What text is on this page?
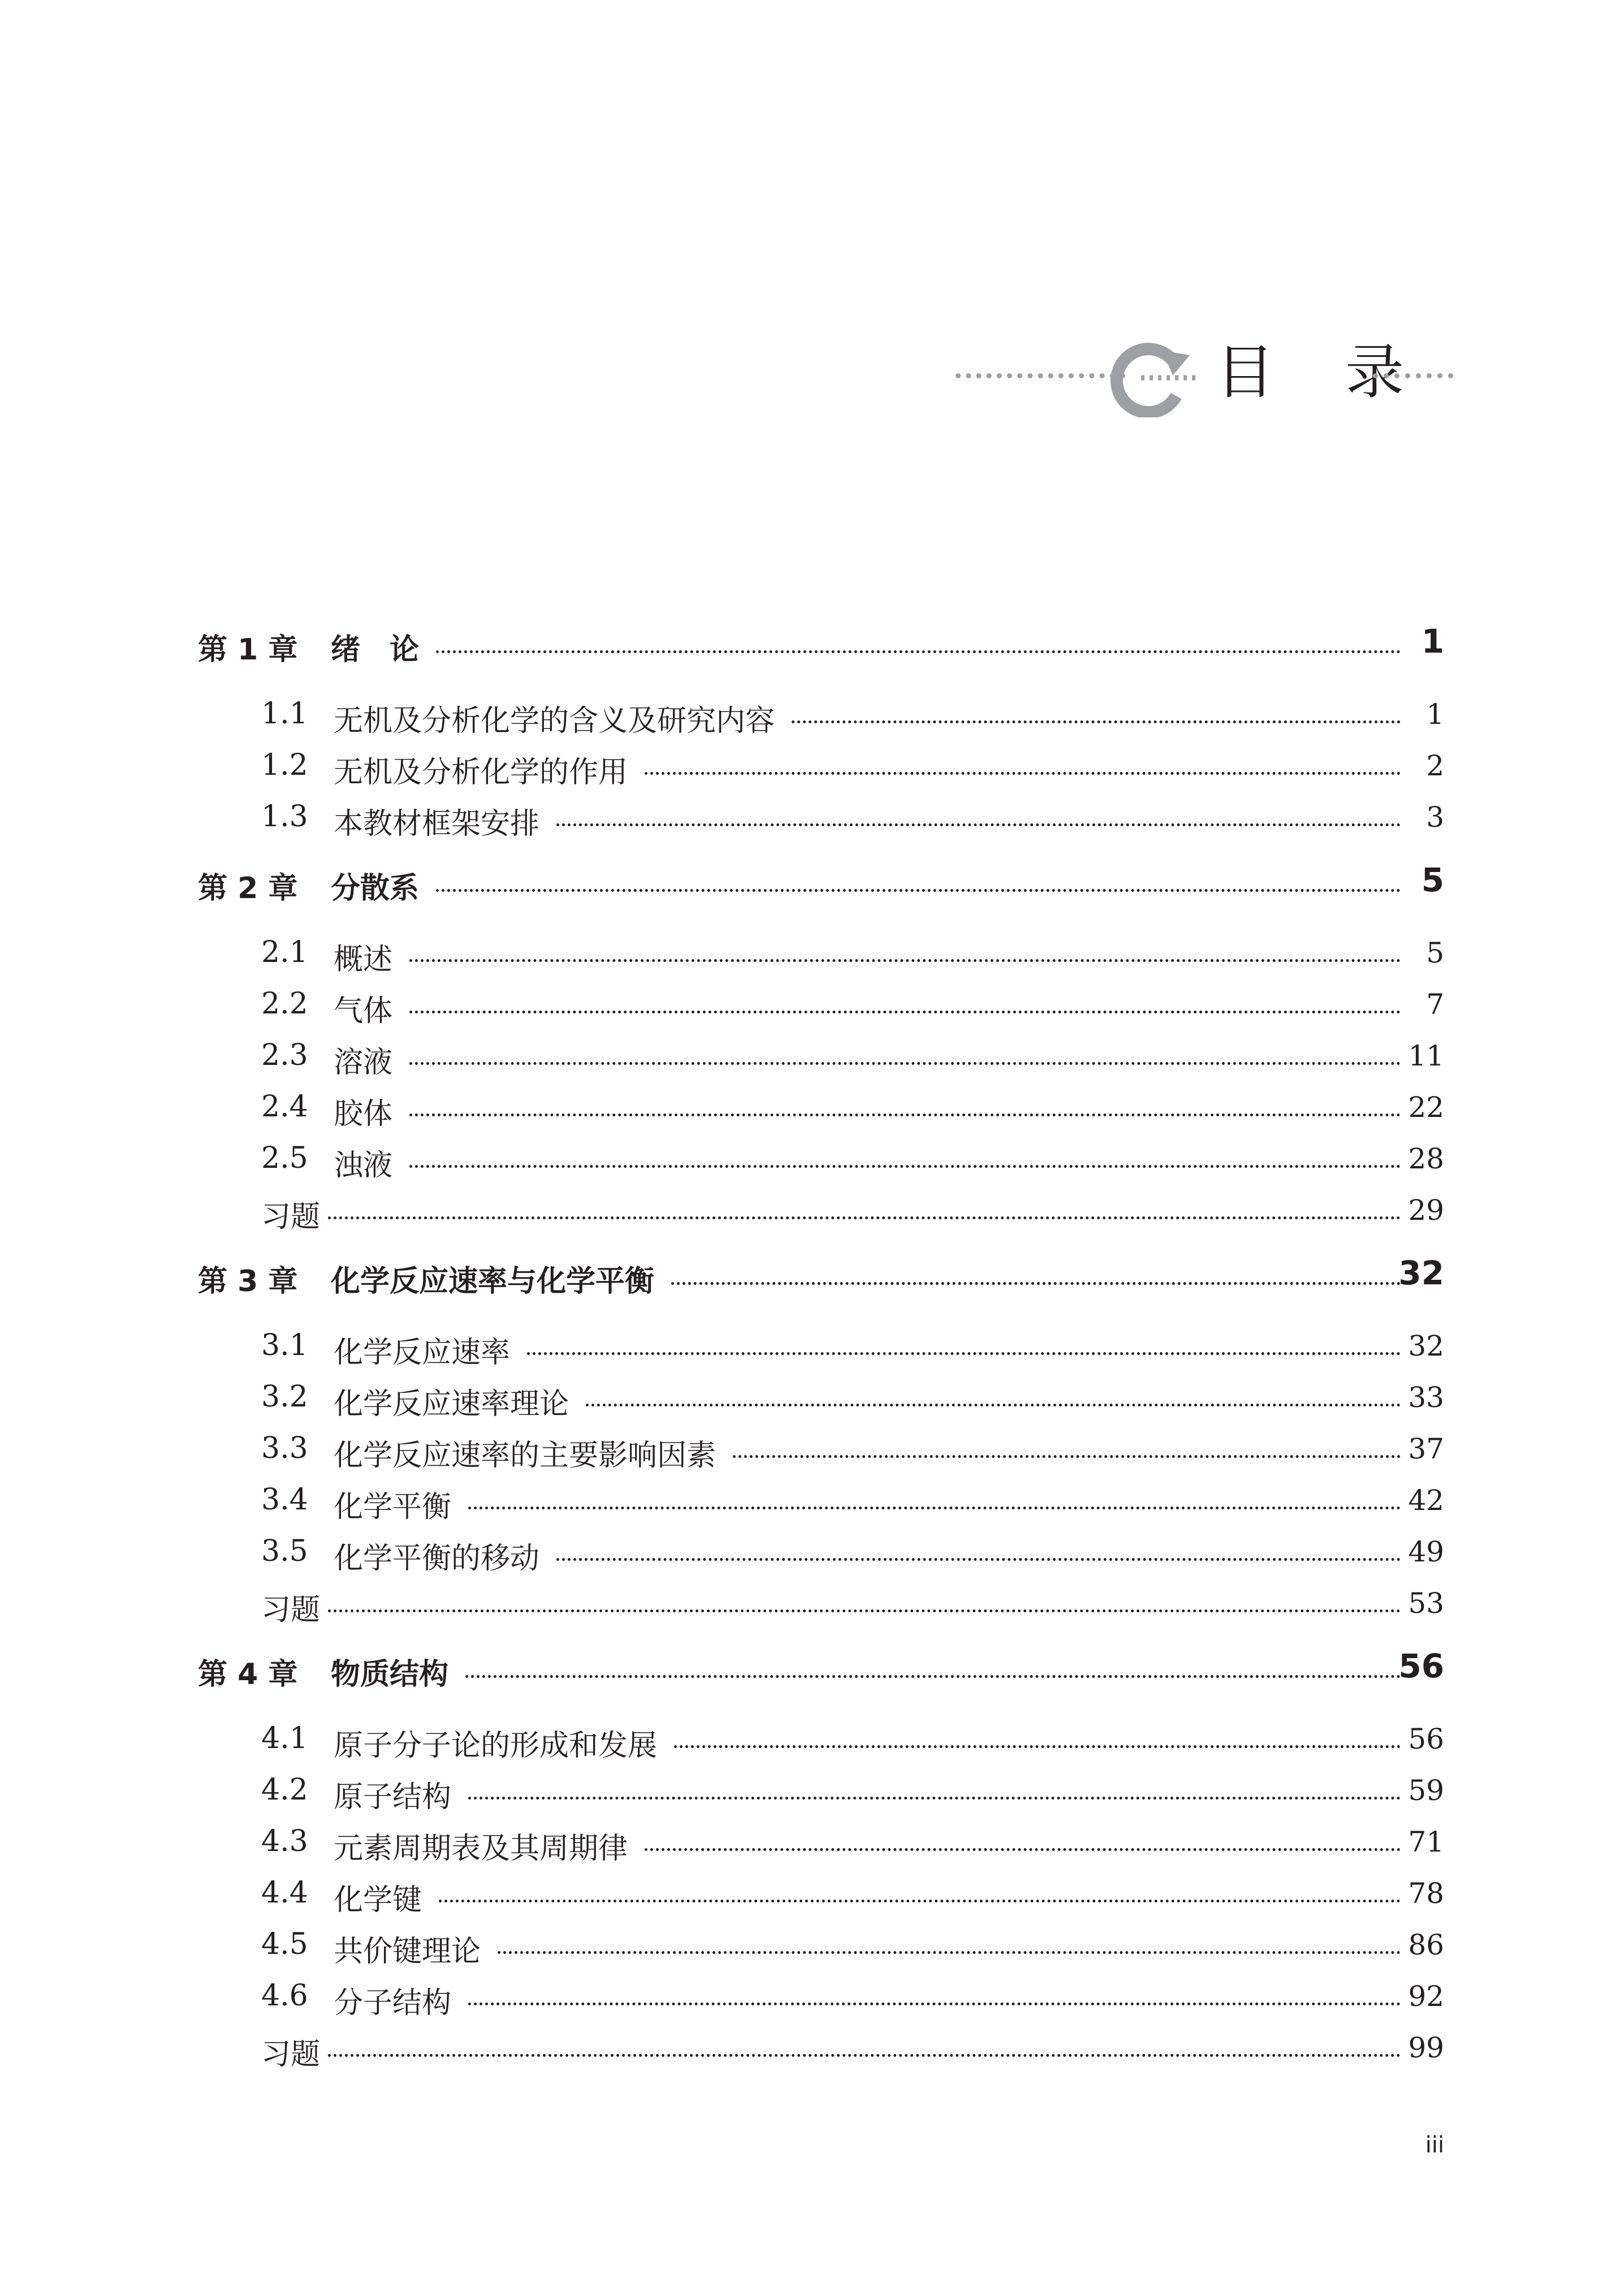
目 录
第 1 章 绪　论	1
1.1 无机及分析化学的含义及研究内容	1
1.2 无机及分析化学的作用	2
1.3 本教材框架安排	3
第 2 章 分散系	5
2.1 概述	5
2.2 气体	7
2.3 溶液	11
2.4 胶体	22
2.5 浊液	28
习题	29
第 3 章 化学反应速率与化学平衡	32
3.1 化学反应速率	32
3.2 化学反应速率理论	33
3.3 化学反应速率的主要影响因素	37
3.4 化学平衡	42
3.5 化学平衡的移动	49
习题	53
第 4 章 物质结构	56
4.1 原子分子论的形成和发展	56
4.2 原子结构	59
4.3 元素周期表及其周期律	71
4.4 化学键	78
4.5 共价键理论	86
4.6 分子结构	92
习题	99
iii
